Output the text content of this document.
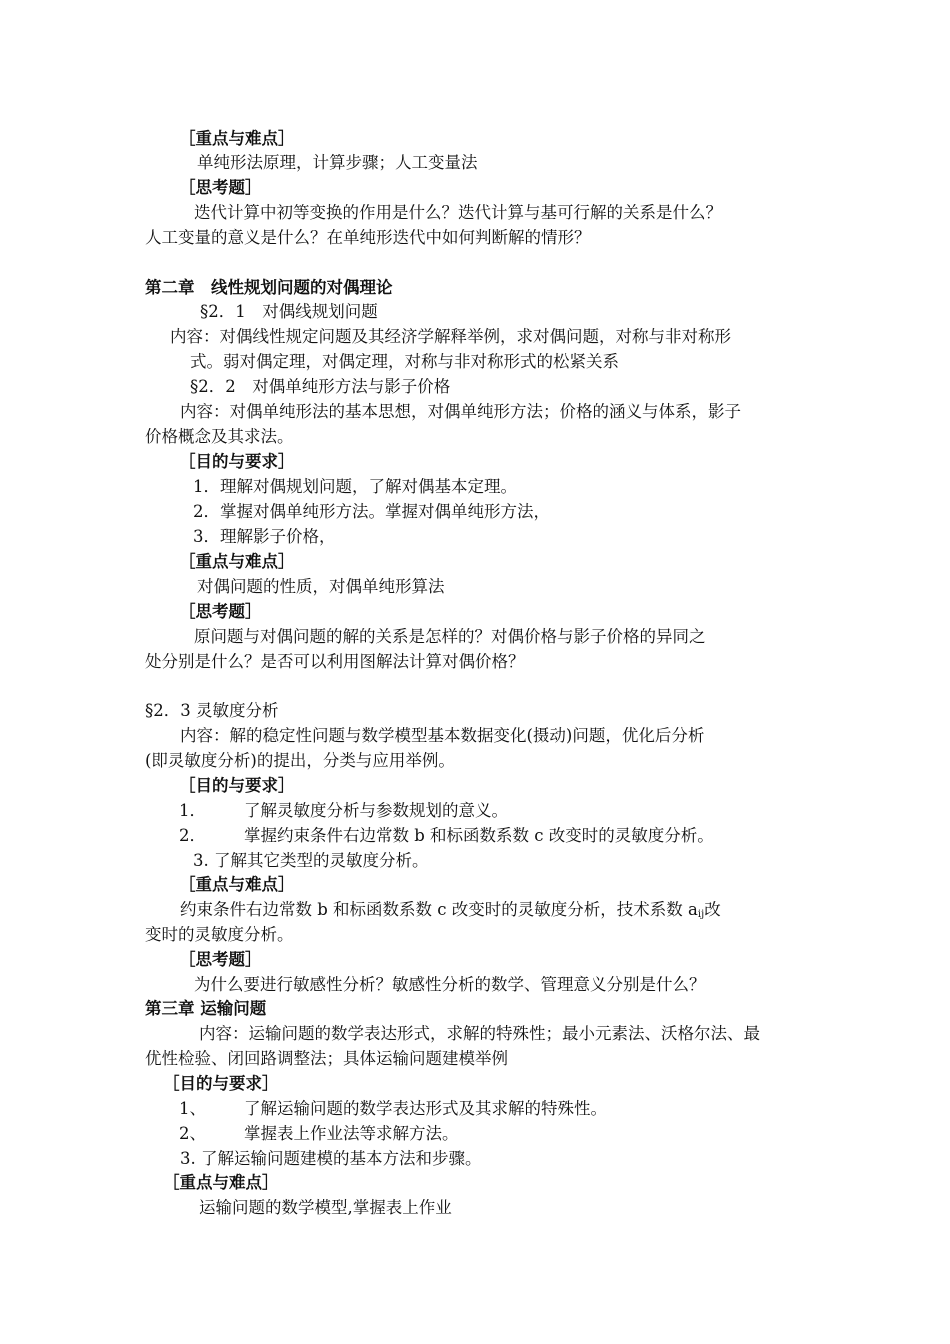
［重点与难点］
单纯形法原理，计算步骤；人工变量法
［思考题］
迭代计算中初等变换的作用是什么？迭代计算与基可行解的关系是什么？
人工变量的意义是什么？在单纯形迭代中如何判断解的情形？
第二章　线性规划问题的对偶理论
§2．1　对偶线规划问题
内容：对偶线性规定问题及其经济学解释举例，求对偶问题，对称与非对称形
式。弱对偶定理，对偶定理，对称与非对称形式的松紧关系
§2．2　对偶单纯形方法与影子价格
内容：对偶单纯形法的基本思想，对偶单纯形方法；价格的涵义与体系，影子
价格概念及其求法。
［目的与要求］
1．理解对偶规划问题，了解对偶基本定理。
2．掌握对偶单纯形方法。掌握对偶单纯形方法，
3．理解影子价格，
［重点与难点］
对偶问题的性质，对偶单纯形算法
［思考题］
原问题与对偶问题的解的关系是怎样的？对偶价格与影子价格的异同之
处分别是什么？是否可以利用图解法计算对偶价格？
§2．3 灵敏度分析
内容：解的稳定性问题与数学模型基本数据变化(摄动)问题，优化后分析
(即灵敏度分析)的提出，分类与应用举例。
［目的与要求］
1． 了解灵敏度分析与参数规划的意义。
2． 掌握约束条件右边常数 b 和标函数系数 c 改变时的灵敏度分析。
3. 了解其它类型的灵敏度分析。
［重点与难点］
约束条件右边常数 b 和标函数系数 c 改变时的灵敏度分析，技术系数 $a_{ij}$改
变时的灵敏度分析。
［思考题］
为什么要进行敏感性分析？敏感性分析的数学、管理意义分别是什么？
第三章 运输问题
内容：运输问题的数学表达形式，求解的特殊性；最小元素法、沃格尔法、最
优性检验、闭回路调整法；具体运输问题建模举例
［目的与要求］
1、 了解运输问题的数学表达形式及其求解的特殊性。
2、 掌握表上作业法等求解方法。
3. 了解运输问题建模的基本方法和步骤。
［重点与难点］
运输问题的数学模型,掌握表上作业
